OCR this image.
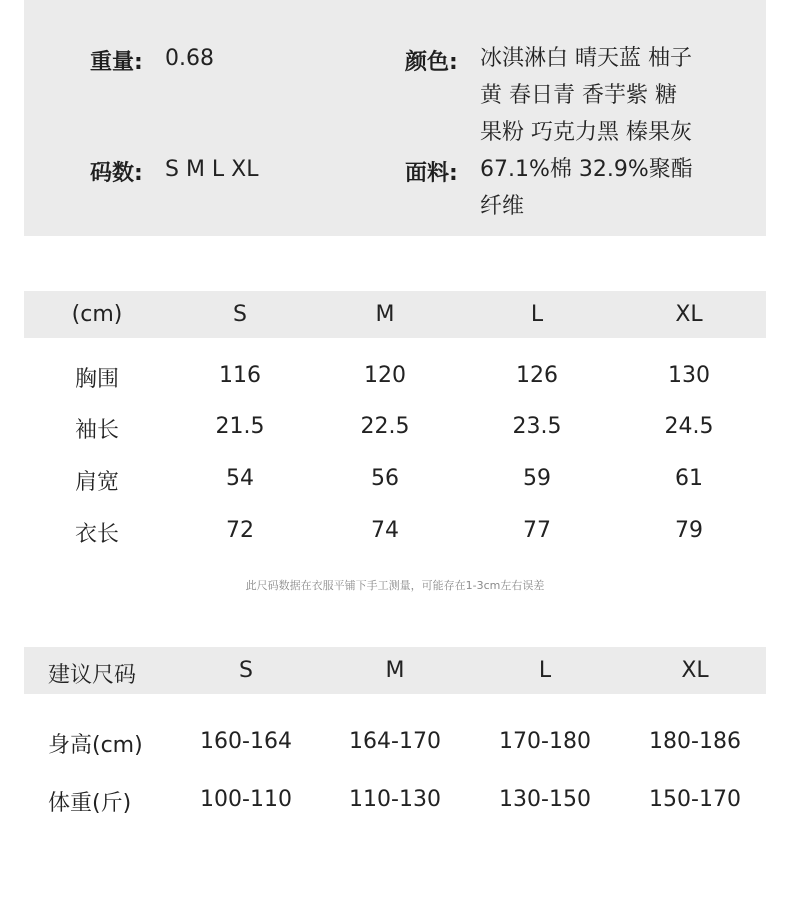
重量: 0.68	颜色: 冰淇淋白 晴天蓝 柚子
黄 春日青 香芋紫 糖
果粉 巧克力黑 榛果灰
码数: S M L XL	面料: 67.1%棉 32.9%聚酯
纤维
(cm)	S	M	L	XL
胸围	116	120	126	130
袖长	21.5	22.5	23.5	24.5
肩宽	54	56	59	61
衣长	72	74	77	79
此尺码数据在衣服平铺下手工测量，可能存在1-3cm左右误差
建议尺码	S	M	L	XL
身高(cm)	160-164	164-170	170-180	180-186
体重(斤)	100-110	110-130	130-150	150-170
